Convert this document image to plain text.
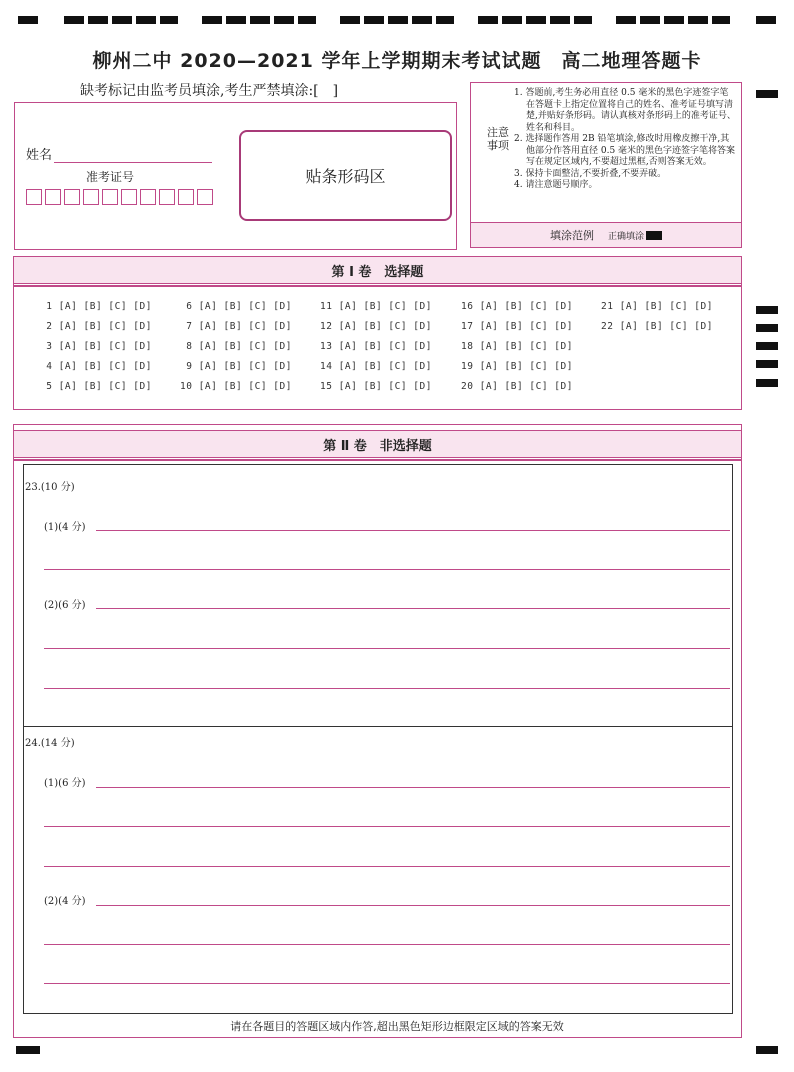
柳州二中 2020—2021 学年上学期期末考试试题　高二地理答题卡
缺考标记由监考员填涂,考生严禁填涂:[　]
姓名
准考证号	贴条形码区
注意事项
1. 答题前,考生务必用直径 0.5 毫米的黑色字迹签字笔在答题卡上指定位置将自己的姓名、准考证号填写清楚,并贴好条形码。请认真核对条形码上的准考证号、姓名和科目。
2. 选择题作答用 2B 铅笔填涂,修改时用橡皮擦干净,其他部分作答用直径 0.5 毫米的黑色字迹签字笔将答案写在规定区域内,不要超过黑框,否则答案无效。
3. 保持卡面整洁,不要折叠,不要弄破。
4. 请注意题号顺序。
填涂范例 正确填涂
第 Ⅰ 卷　选择题
1 [A] [B] [C] [D]
2 [A] [B] [C] [D]
3 [A] [B] [C] [D]
4 [A] [B] [C] [D]
5 [A] [B] [C] [D]
6 [A] [B] [C] [D]
7 [A] [B] [C] [D]
8 [A] [B] [C] [D]
9 [A] [B] [C] [D]
10 [A] [B] [C] [D]
11 [A] [B] [C] [D]
12 [A] [B] [C] [D]
13 [A] [B] [C] [D]
14 [A] [B] [C] [D]
15 [A] [B] [C] [D]
16 [A] [B] [C] [D]
17 [A] [B] [C] [D]
18 [A] [B] [C] [D]
19 [A] [B] [C] [D]
20 [A] [B] [C] [D]
21 [A] [B] [C] [D]
22 [A] [B] [C] [D]
第 Ⅱ 卷　非选择题
23.(10 分)
(1)(4 分)
(2)(6 分)
24.(14 分)
(1)(6 分)
(2)(4 分)
请在各题目的答题区域内作答,超出黑色矩形边框限定区域的答案无效
